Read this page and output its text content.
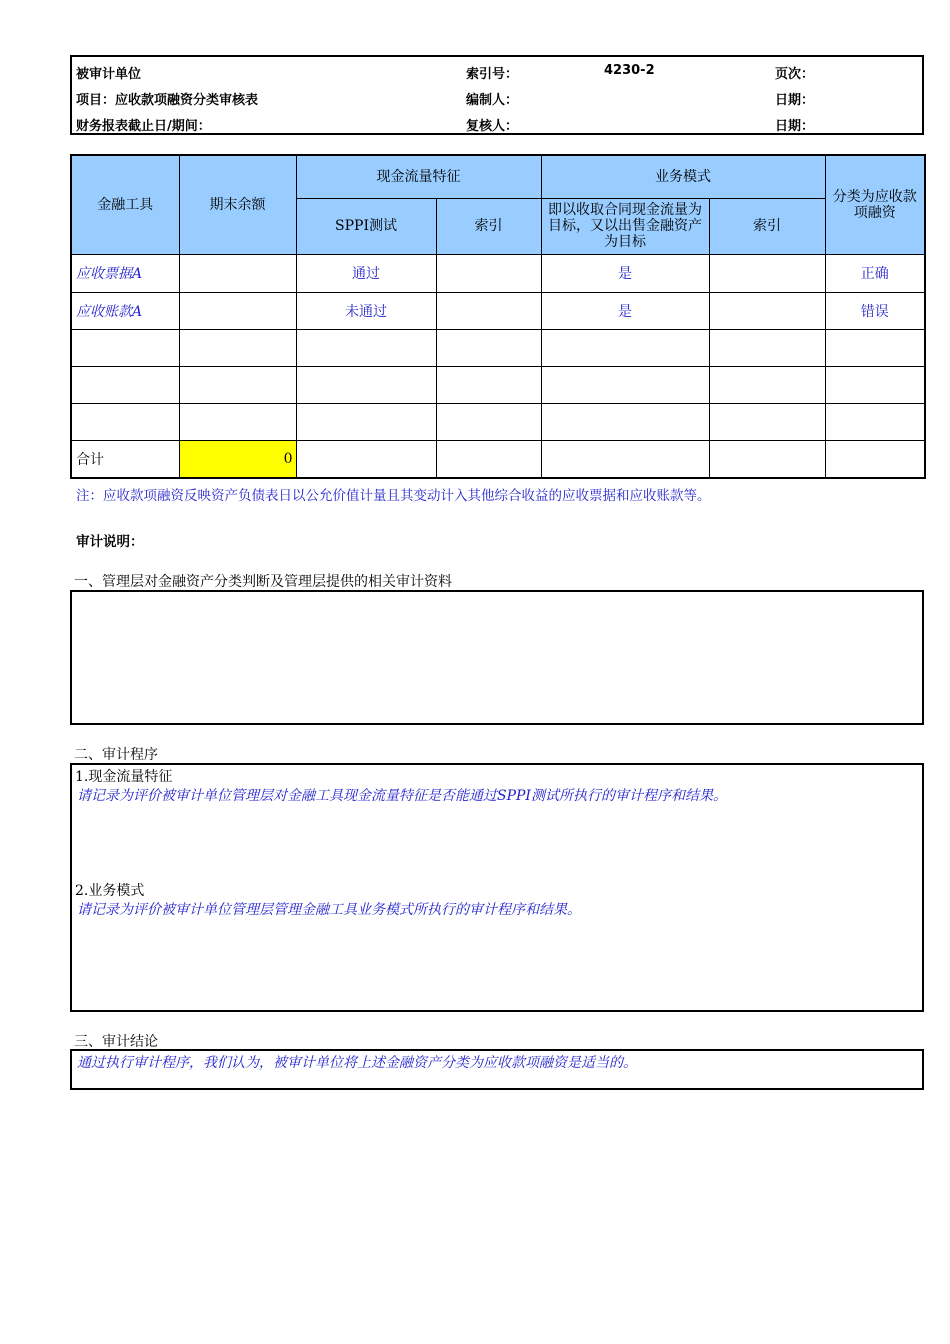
被审计单位	索引号：	4230-2	页次：
项目：应收款项融资分类审核表	编制人：	日期：
财务报表截止日/期间：	复核人：	日期：
金融工具	期末余额	现金流量特征		业务模式		分类为应收款项融资
		SPPI测试	索引	即以收取合同现金流量为目标，又以出售金融资产为目标	索引	
应收票据A		通过		是		正确
应收账款A		未通过		是		错误

合计	0					
注：应收款项融资反映资产负债表日以公允价值计量且其变动计入其他综合收益的应收票据和应收账款等。
审计说明：
一、管理层对金融资产分类判断及管理层提供的相关审计资料
二、审计程序
1.现金流量特征
请记录为评价被审计单位管理层对金融工具现金流量特征是否能通过SPPI测试所执行的审计程序和结果。
2.业务模式
请记录为评价被审计单位管理层管理金融工具业务模式所执行的审计程序和结果。
三、审计结论
通过执行审计程序，我们认为，被审计单位将上述金融资产分类为应收款项融资是适当的。
